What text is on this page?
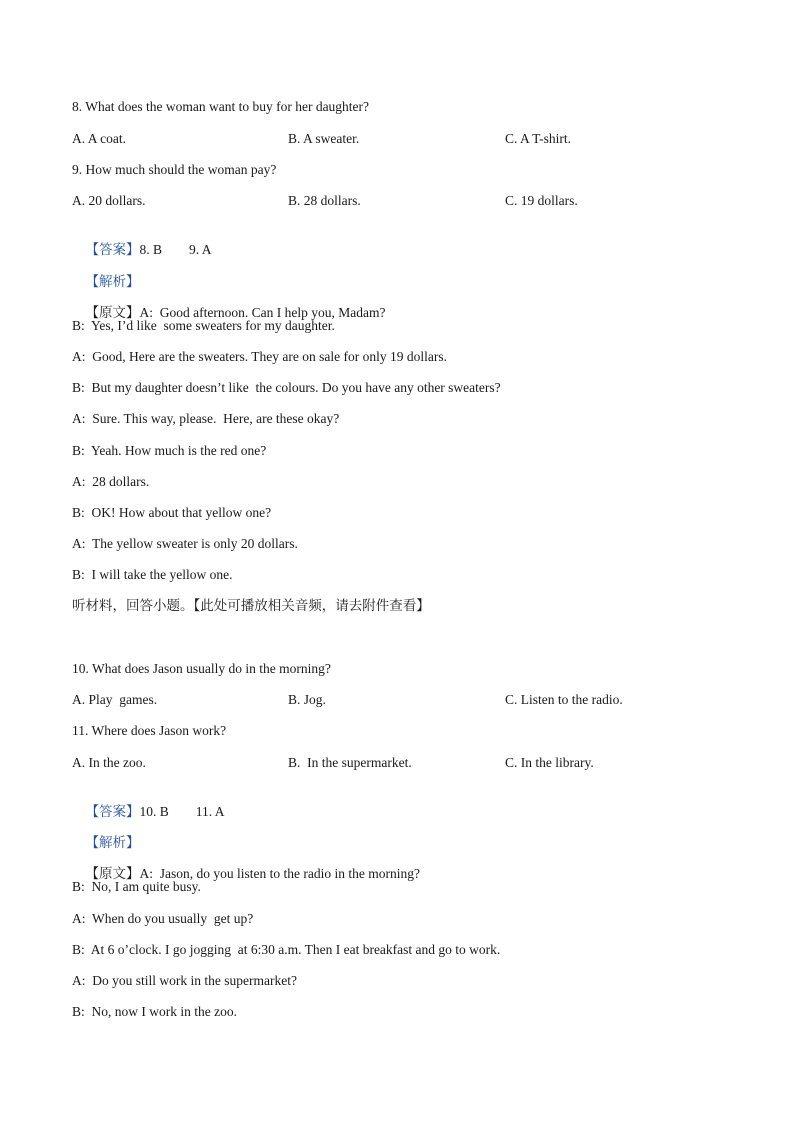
8. What does the woman want to buy for her daughter?
A. A coat.	B. A sweater.	C. A T-shirt.
9. How much should the woman pay?
A. 20 dollars.	B. 28 dollars.	C. 19 dollars.

【答案】8. B        9. A

【解析】

【原文】A:  Good afternoon. Can I help you, Madam?

B:  Yes, I’d like  some sweaters for my daughter.
A:  Good, Here are the sweaters. They are on sale for only 19 dollars.
B:  But my daughter doesn’t like  the colours. Do you have any other sweaters?
A:  Sure. This way, please.  Here, are these okay?
B:  Yeah. How much is the red one?
A:  28 dollars.
B:  OK! How about that yellow one?
A:  The yellow sweater is only 20 dollars.
B:  I will take the yellow one.
听材料，回答小题。【此处可播放相关音频，请去附件查看】
10. What does Jason usually do in the morning?
A. Play  games.	B. Jog.	C. Listen to the radio.
11. Where does Jason work?
A. In the zoo.	B.  In the supermarket.	C. In the library.

【答案】10. B        11. A

【解析】

【原文】A:  Jason, do you listen to the radio in the morning?

B:  No, I am quite busy.
A:  When do you usually  get up?
B:  At 6 o’clock. I go jogging  at 6:30 a.m. Then I eat breakfast and go to work.
A:  Do you still work in the supermarket?
B:  No, now I work in the zoo.
